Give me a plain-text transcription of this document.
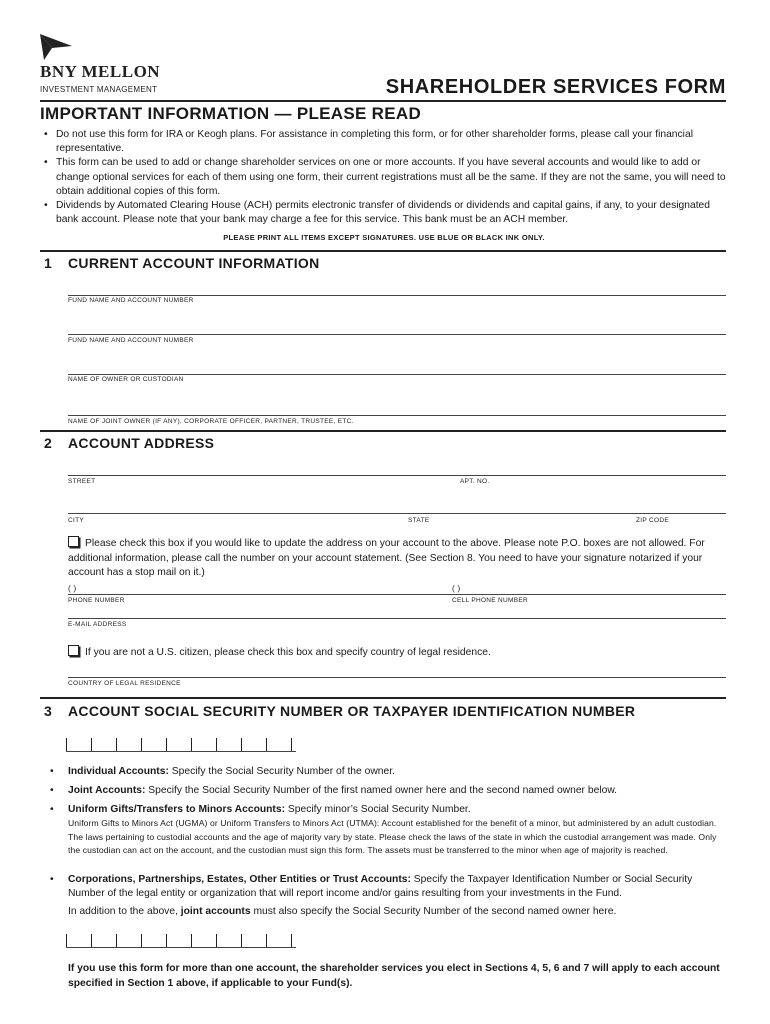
BNY MELLON
INVESTMENT MANAGEMENT	SHAREHOLDER SERVICES FORM
IMPORTANT INFORMATION — PLEASE READ

• Do not use this form for IRA or Keogh plans. For assistance in completing this form, or for other shareholder forms, please call your financial representative.

• This form can be used to add or change shareholder services on one or more accounts. If you have several accounts and would like to add or change optional services for each of them using one form, their current registrations must all be the same. If they are not the same, you will need to obtain additional copies of this form.

• Dividends by Automated Clearing House (ACH) permits electronic transfer of dividends or dividends and capital gains, if any, to your designated bank account. Please note that your bank may charge a fee for this service. This bank must be an ACH member.

PLEASE PRINT ALL ITEMS EXCEPT SIGNATURES. USE BLUE OR BLACK INK ONLY.
1 CURRENT ACCOUNT INFORMATION
FUND NAME AND ACCOUNT NUMBER
FUND NAME AND ACCOUNT NUMBER
NAME OF OWNER OR CUSTODIAN
NAME OF JOINT OWNER (IF ANY), CORPORATE OFFICER, PARTNER, TRUSTEE, ETC.
2 ACCOUNT ADDRESS
STREET	APT. NO.
CITY	STATE	ZIP CODE
Please check this box if you would like to update the address on your account to the above. Please note P.O. boxes are not allowed. For additional information, please call the number on your account statement. (See Section 8. You need to have your signature notarized if your account has a stop mail on it.)
( )	( )
PHONE NUMBER	CELL PHONE NUMBER
E-MAIL ADDRESS
If you are not a U.S. citizen, please check this box and specify country of legal residence.
COUNTRY OF LEGAL RESIDENCE
3 ACCOUNT SOCIAL SECURITY NUMBER OR TAXPAYER IDENTIFICATION NUMBER
•	Individual Accounts: Specify the Social Security Number of the owner.
•	Joint Accounts: Specify the Social Security Number of the first named owner here and the second named owner below.
•	Uniform Gifts/Transfers to Minors Accounts: Specify minor’s Social Security Number.
Uniform Gifts to Minors Act (UGMA) or Uniform Transfers to Minors Act (UTMA): Account established for the benefit of a minor, but administered by an adult custodian. The laws pertaining to custodial accounts and the age of majority vary by state. Please check the laws of the state in which the custodial arrangement was made. Only the custodian can act on the account, and the custodian must sign this form. The assets must be transferred to the minor when age of majority is reached.
•	Corporations, Partnerships, Estates, Other Entities or Trust Accounts: Specify the Taxpayer Identification Number or Social Security Number of the legal entity or organization that will report income and/or gains resulting from your investments in the Fund.
In addition to the above, joint accounts must also specify the Social Security Number of the second named owner here.
If you use this form for more than one account, the shareholder services you elect in Sections 4, 5, 6 and 7 will apply to each account specified in Section 1 above, if applicable to your Fund(s).
